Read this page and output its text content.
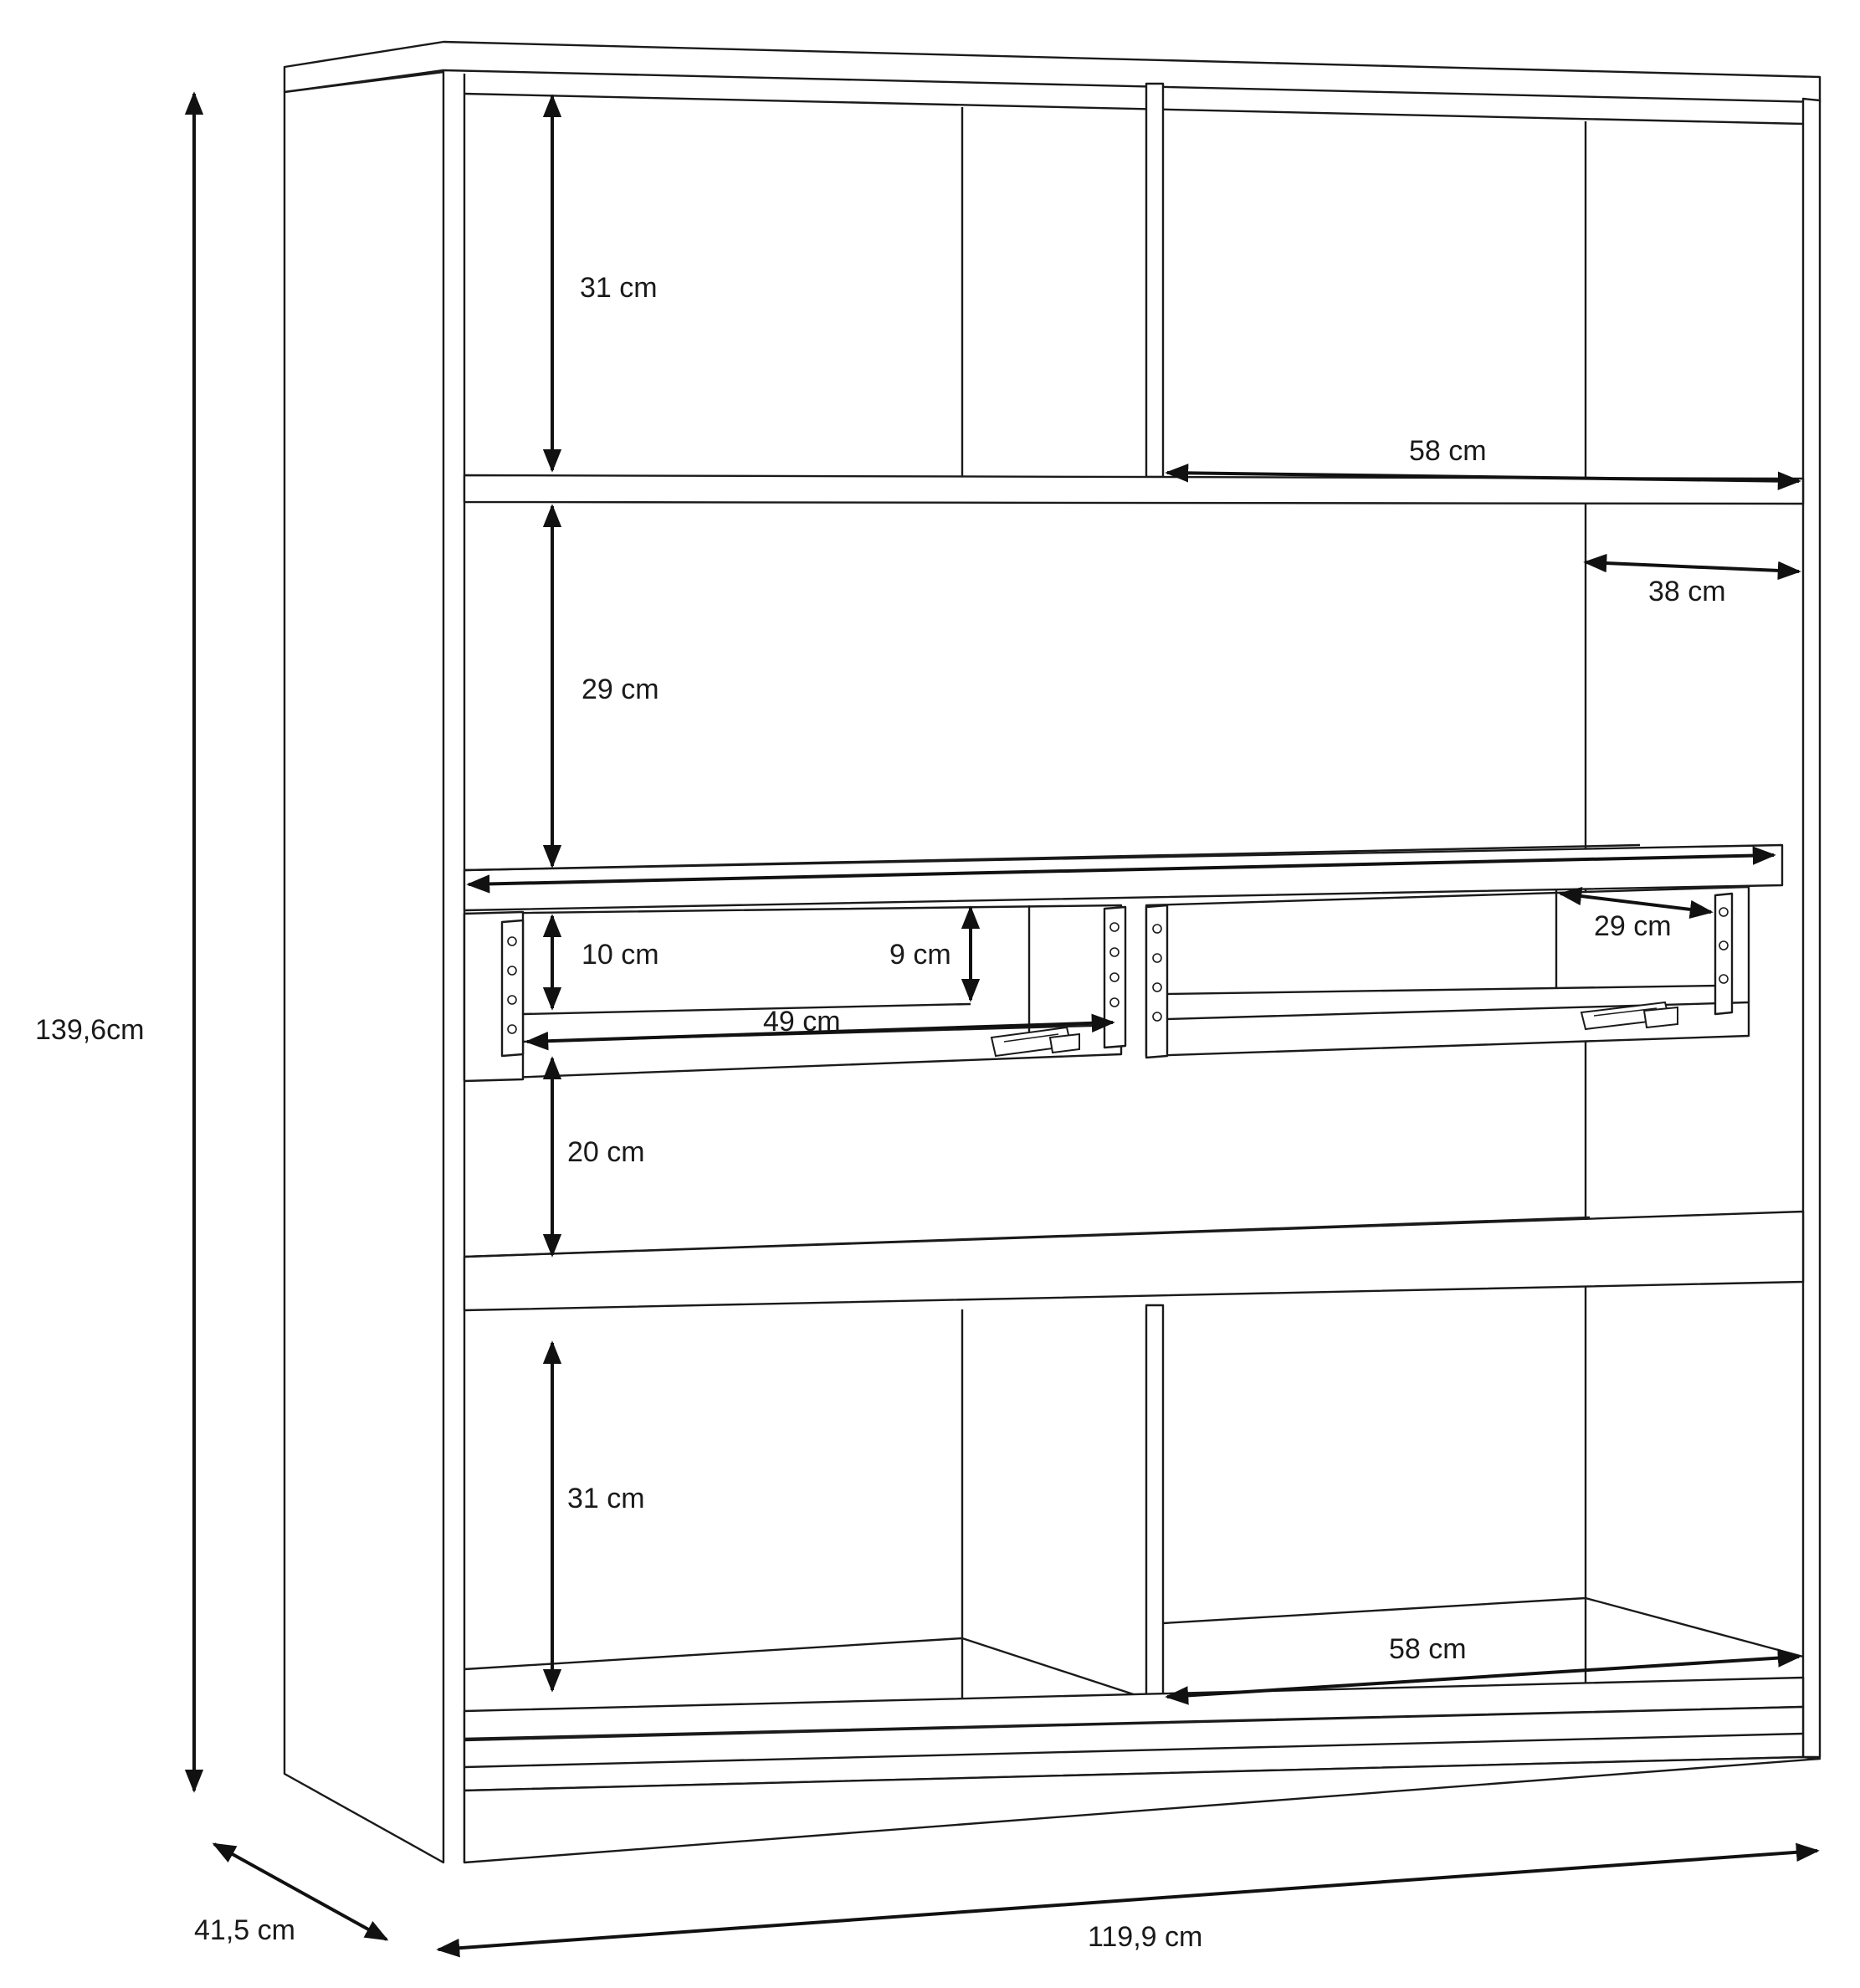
139,6cm
41,5 cm	119,9 cm
31 cm
58 cm
38 cm
29 cm
10 cm	9 cm
49 cm
29 cm
20 cm
31 cm
58 cm
